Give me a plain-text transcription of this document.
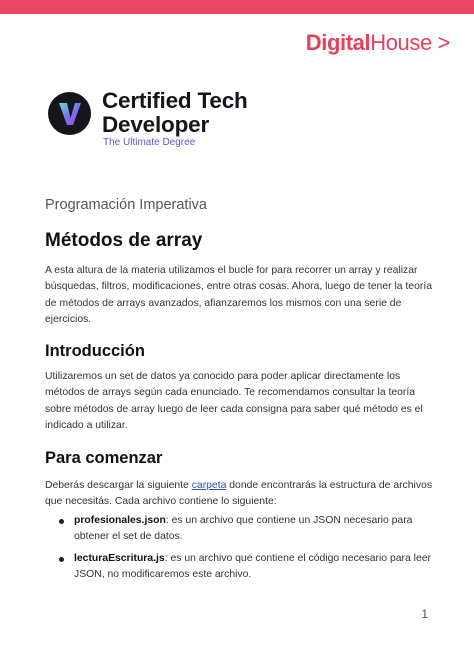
DigitalHouse >
Certified Tech
Developer
The Ultimate Degree
Programación Imperativa
Métodos de array

A esta altura de la materia utilizamos el bucle for para recorrer un array y realizar búsquedas, filtros, modificaciones, entre otras cosas. Ahora, luego de tener la teoría de métodos de arrays avanzados, afianzaremos los mismos con una serie de ejercicios.

Introducción

Utilizaremos un set de datos ya conocido para poder aplicar directamente los métodos de arrays según cada enunciado. Te recomendamos consultar la teoría sobre métodos de array luego de leer cada consigna para saber qué método es el indicado a utilizar.

Para comenzar

Deberás descargar la siguiente carpeta donde encontrarás la estructura de archivos que necesitás. Cada archivo contiene lo siguiente:

profesionales.json: es un archivo que contiene un JSON necesario para obtener el set de datos.
lecturaEscritura.js: es un archivo que contiene el código necesario para leer JSON, no modificaremos este archivo.
1
